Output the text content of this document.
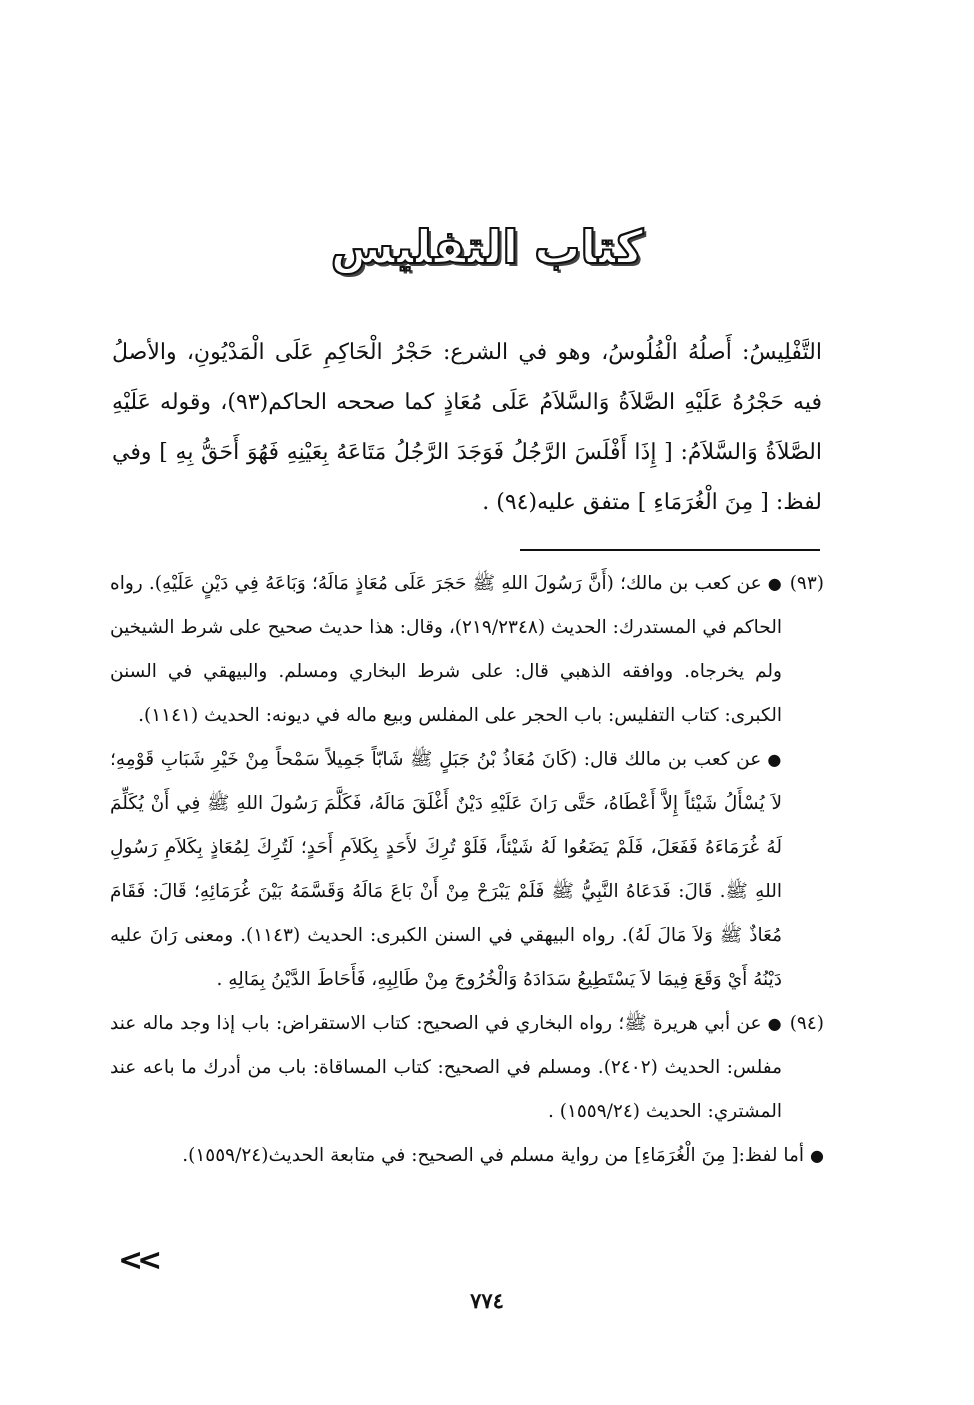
كتاب التفليس

التَّفْلِيسُ: أَصلُهُ الْفُلُوسُ، وهو في الشرع: حَجْرُ الْحَاكِمِ عَلَى الْمَدْيُونِ، والأصلُ فيه حَجْرُهُ عَلَيْهِ الصَّلاَةُ وَالسَّلاَمُ عَلَى مُعَاذٍ كما صححه الحاكم(٩٣)، وقوله عَلَيْهِ الصَّلاَةُ وَالسَّلاَمُ: [ إِذَا أَفْلَسَ الرَّجُلُ فَوَجَدَ الرَّجُلُ مَتَاعَهُ بِعَيْنِهِ فَهُوَ أَحَقُّ بِهِ ] وفي لفظ: [ مِنَ الْغُرَمَاءِ ] متفق عليه(٩٤) .

(٩٣)

●عن كعب بن مالك؛ (أَنَّ رَسُولَ اللهِ ﷺ حَجَرَ عَلَى مُعَاذٍ مَالَهُ؛ وَبَاعَهُ فِي دَيْنٍ عَلَيْهِ). رواه الحاكم في المستدرك: الحديث (٢١٩/٢٣٤٨)، وقال: هذا حديث صحيح على شرط الشيخين ولم يخرجاه. ووافقه الذهبي قال: على شرط البخاري ومسلم. والبيهقي في السنن الكبرى: كتاب التفليس: باب الحجر على المفلس وبيع ماله في ديونه: الحديث (١١٤١).

●عن كعب بن مالك قال: (كَانَ مُعَاذُ بْنُ جَبَلٍ ﷺ شَابّاً جَمِيلاً سَمْحاً مِنْ خَيْرِ شَبَابِ قَوْمِهِ؛ لاَ يُسْأَلُ شَيْئاً إِلاَّ أَعْطَاهُ، حَتَّى رَانَ عَلَيْهِ دَيْنٌ أَغْلَقَ مَالَهُ، فَكَلَّمَ رَسُولَ اللهِ ﷺ فِي أَنْ يُكَلِّمَ لَهُ غُرَمَاءَهُ فَفَعَلَ، فَلَمْ يَضَعُوا لَهُ شَيْئاً، فَلَوْ تُرِكَ لأَحَدٍ بِكَلاَمِ أَحَدٍ؛ لَتُرِكَ لِمُعَاذٍ بِكَلاَمِ رَسُولِ اللهِ ﷺ. قَالَ: فَدَعَاهُ النَّبِيُّ ﷺ فَلَمْ يَبْرَحْ مِنْ أَنْ بَاعَ مَالَهُ وَقَسَّمَهُ بَيْنَ غُرَمَائِهِ؛ قَالَ: فَقَامَ مُعَاذٌ ﷺ وَلاَ مَالَ لَهُ). رواه البيهقي في السنن الكبرى: الحديث (١١٤٣). ومعنى رَانَ عليه دَيْنُهُ أَيْ وَقَعَ فِيمَا لاَ يَسْتَطِيعُ سَدَادَهُ وَالْخُرُوجَ مِنْ طَالِبِهِ، فَأَحَاطَ الدَّيْنُ بِمَالِهِ .

(٩٤)

●عن أبي هريرة ﷺ؛ رواه البخاري في الصحيح: كتاب الاستقراض: باب إذا وجد ماله عند مفلس: الحديث (٢٤٠٢). ومسلم في الصحيح: كتاب المساقاة: باب من أدرك ما باعه عند المشتري: الحديث (١٥٥٩/٢٤) .

●أما لفظ:[ مِنَ الْغُرَمَاءِ] من رواية مسلم في الصحيح: في متابعة الحديث(١٥٥٩/٢٤).

<<
٧٧٤
